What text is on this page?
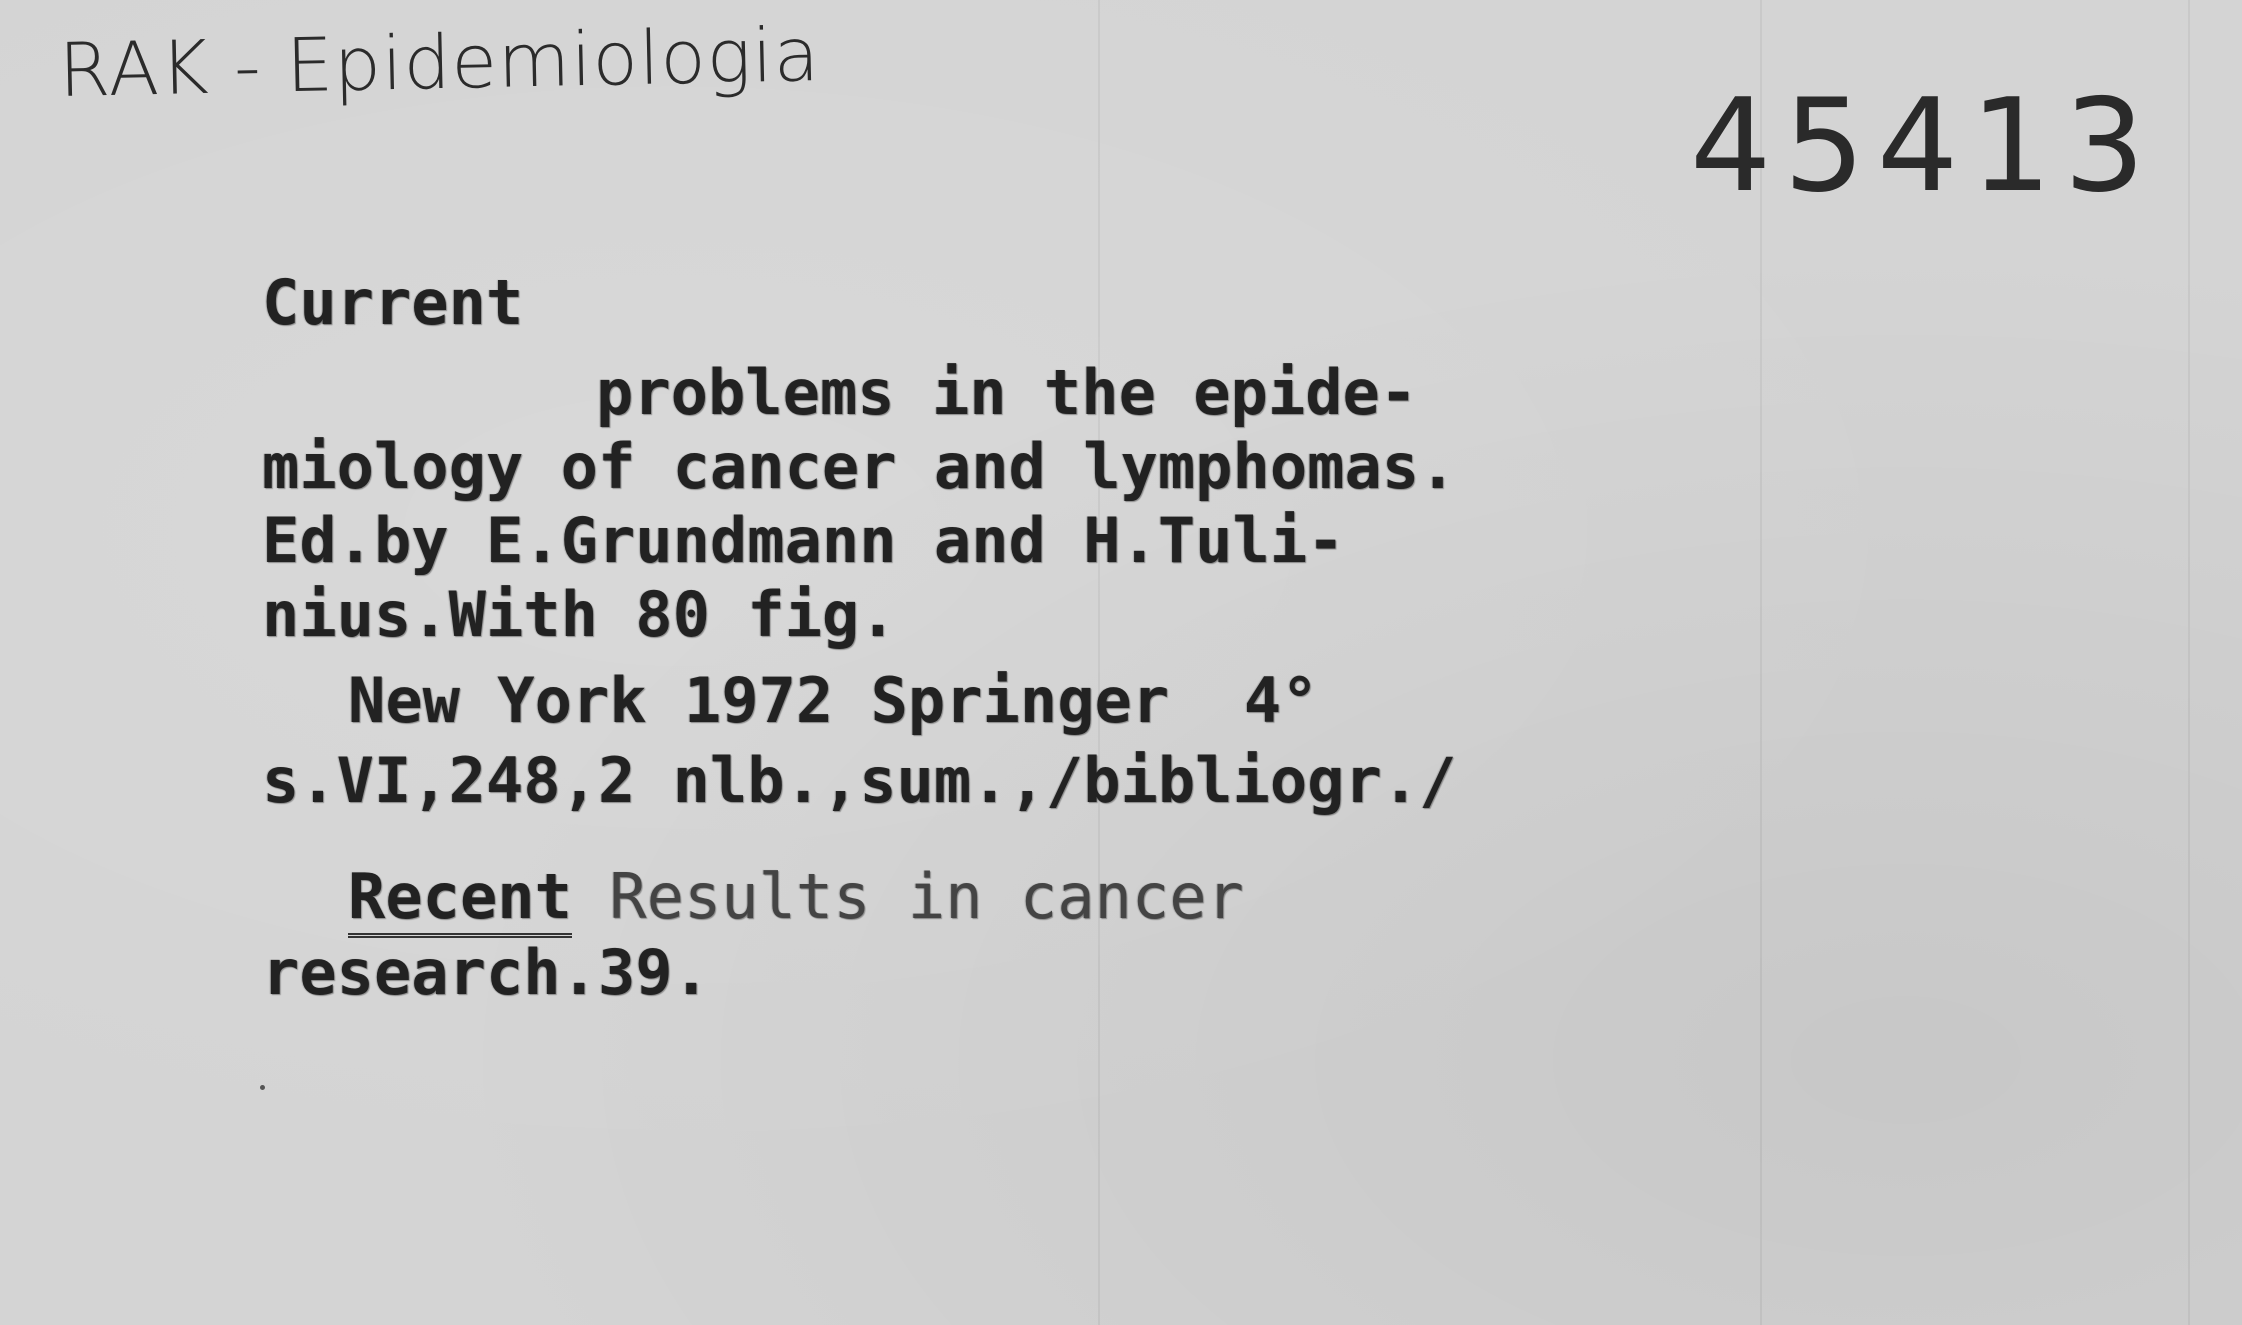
RAK - Epidemiologia
45413
Current
problems in the epide-
miology of cancer and lymphomas.
Ed.by E.Grundmann and H.Tuli-
nius.With 80 fig.
New York 1972 Springer  4°
s.VI,248,2 nlb.,sum.,/bibliogr./
Recent Results in cancer
research.39.
